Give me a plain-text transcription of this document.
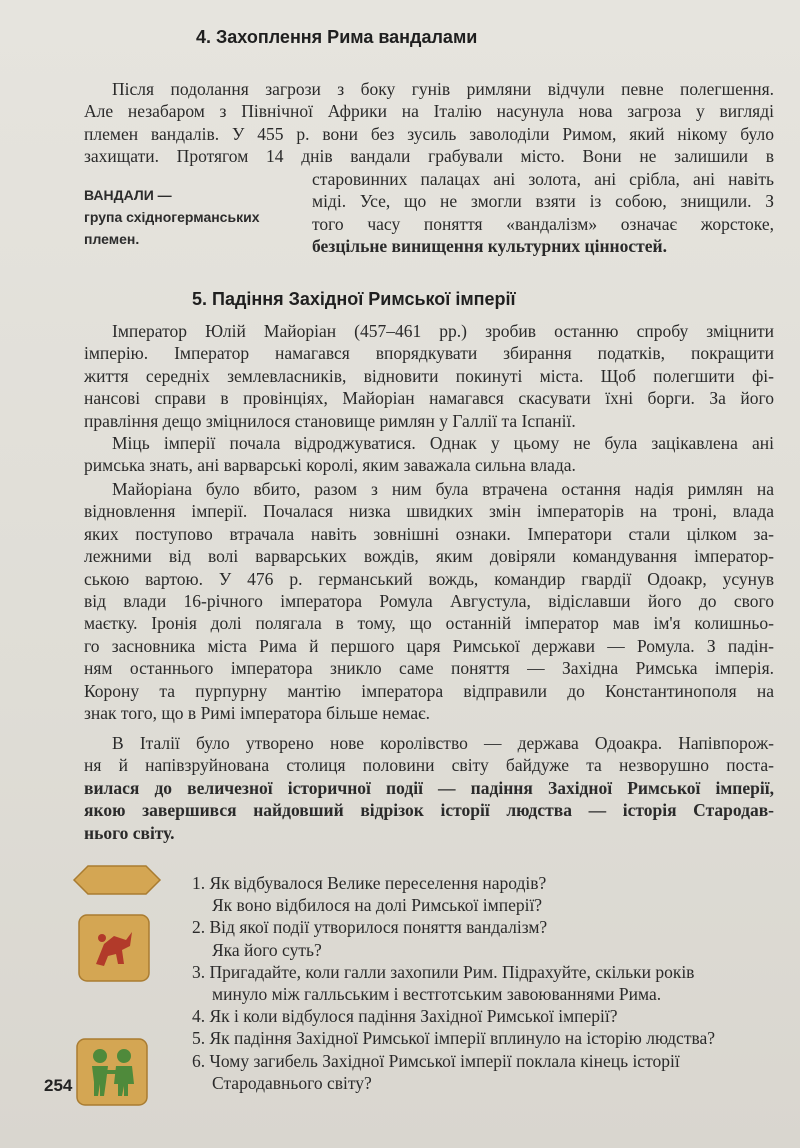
4. Захоплення Рима вандалами
Після подолання загрози з боку гунів римляни відчули певне полегшення.
Але незабаром з Північної Африки на Італію насунула нова загроза у вигляді
племен вандалів. У 455 р. вони без зусиль заволоділи Римом, який нікому було
захищати. Протягом 14 днів вандали грабували місто. Вони не залишили в
ВАНДАЛИ —
група східногерманських племен.
старовинних палацах ані золота, ані срібла, ані навіть
міді. Усе, що не змогли взяти із собою, знищили. З
того часу поняття «вандалізм» означає жорстоке,
безцільне винищення культурних цінностей.
5. Падіння Західної Римської імперії
Імператор Юлій Майоріан (457–461 рр.) зробив останню спробу зміцнити
імперію. Імператор намагався впорядкувати збирання податків, покращити
життя середніх землевласників, відновити покинуті міста. Щоб полегшити фі-
нансові справи в провінціях, Майоріан намагався скасувати їхні борги. За його
правління дещо зміцнилося становище римлян у Галлії та Іспанії.
Міць імперії почала відроджуватися. Однак у цьому не була зацікавлена ані
римська знать, ані варварські королі, яким заважала сильна влада.
Майоріана було вбито, разом з ним була втрачена остання надія римлян на
відновлення імперії. Почалася низка швидких змін імператорів на троні, влада
яких поступово втрачала навіть зовнішні ознаки. Імператори стали цілком за-
лежними від волі варварських вождів, яким довіряли командування імператор-
ською вартою. У 476 р. германський вождь, командир гвардії Одоакр, усунув
від влади 16-річного імператора Ромула Августула, відіславши його до свого
маєтку. Іронія долі полягала в тому, що останній імператор мав ім'я колишньо-
го засновника міста Рима й першого царя Римської держави — Ромула. З падін-
ням останнього імператора зникло саме поняття — Західна Римська імперія.
Корону та пурпурну мантію імператора відправили до Константинополя на
знак того, що в Римі імператора більше немає.
В Італії було утворено нове королівство — держава Одоакра. Напівпорож-
ня й напівзруйнована столиця половини світу байдуже та незворушно поста-
вилася до величезної історичної події — падіння Західної Римської імперії,
якою завершився найдовший відрізок історії людства — історія Стародав-
нього світу.
1. Як відбувалося Велике переселення народів?
Як воно відбилося на долі Римської імперії?
2. Від якої події утворилося поняття вандалізм?
Яка його суть?
3. Пригадайте, коли галли захопили Рим. Підрахуйте, скільки років
минуло між галльським і вестготським завоюваннями Рима.
4. Як і коли відбулося падіння Західної Римської імперії?
5. Як падіння Західної Римської імперії вплинуло на історію людства?
6. Чому загибель Західної Римської імперії поклала кінець історії
Стародавнього світу?
254
